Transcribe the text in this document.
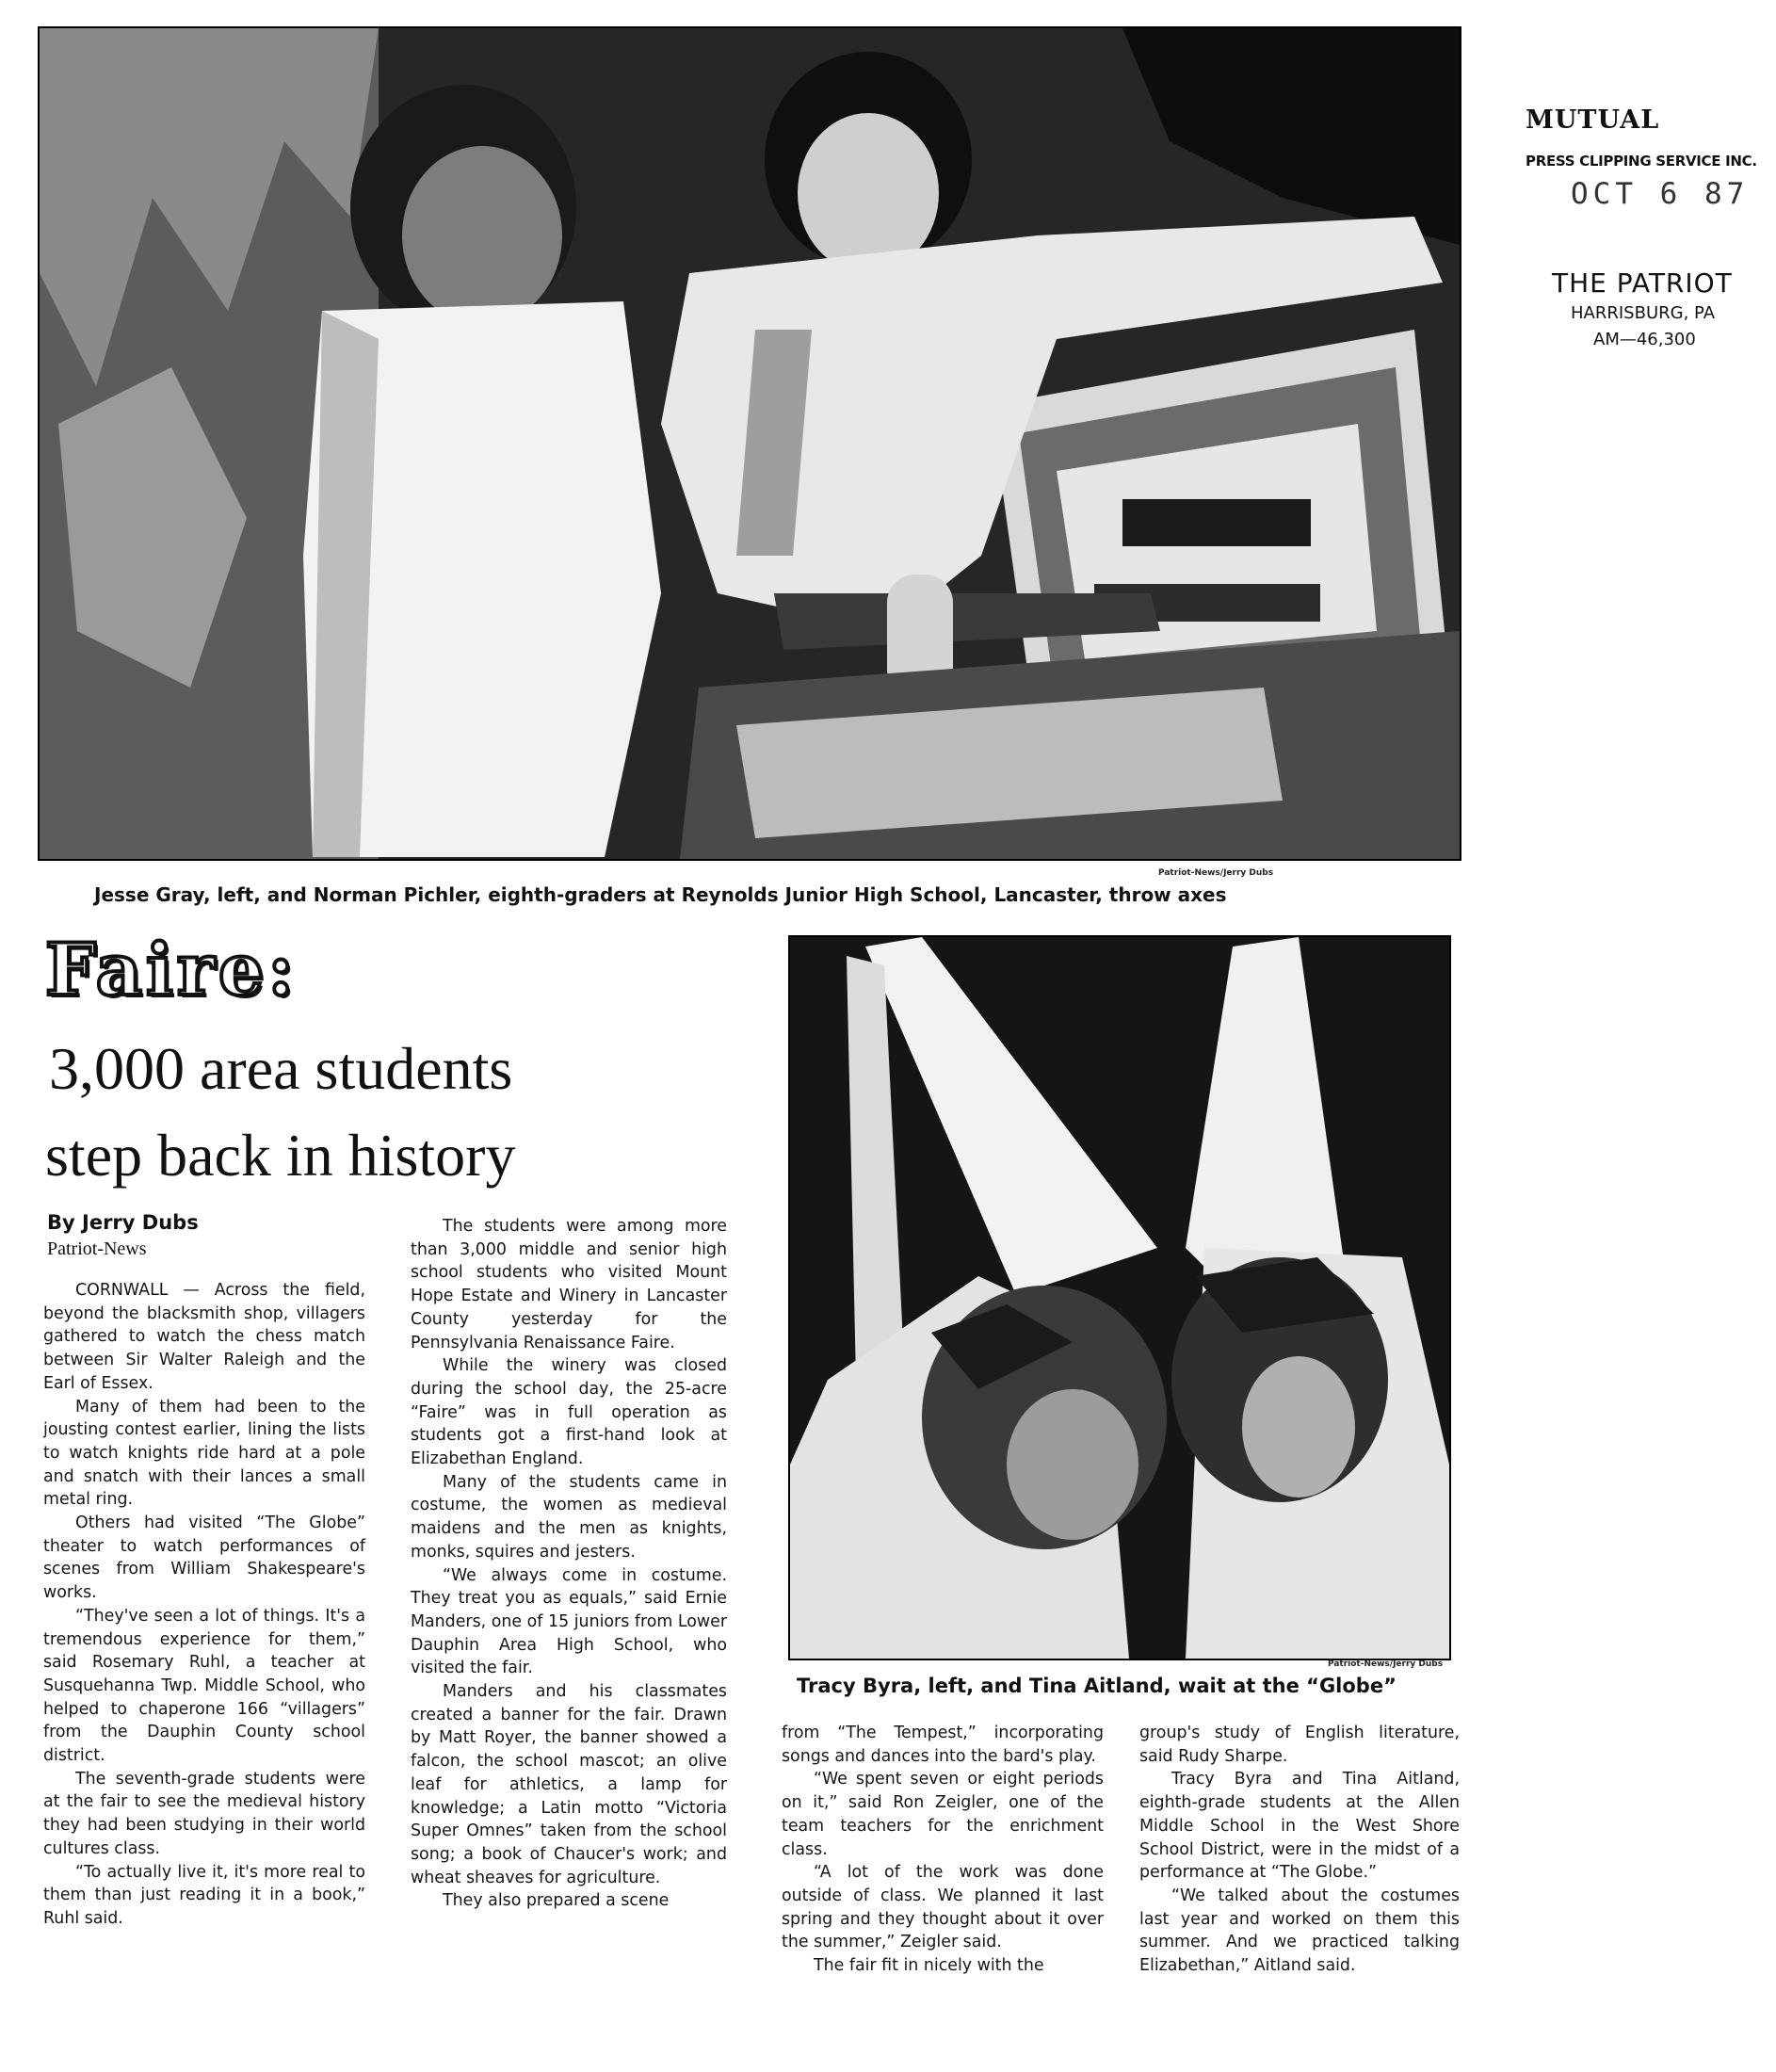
Patriot-News/Jerry Dubs
Jesse Gray, left, and Norman Pichler, eighth-graders at Reynolds Junior High School, Lancaster, throw axes
MUTUAL
PRESS CLIPPING SERVICE INC.
OCT 6 87
THE PATRIOT
HARRISBURG, PA
AM—46,300
Faire:
3,000 area students
step back in history
By Jerry Dubs
Patriot-News
Patriot-News/Jerry Dubs
Tracy Byra, left, and Tina Aitland, wait at the “Globe”

CORNWALL — Across the field, beyond the blacksmith shop, villagers gathered to watch the chess match between Sir Walter Raleigh and the Earl of Essex.

Many of them had been to the jousting contest earlier, lining the lists to watch knights ride hard at a pole and snatch with their lances a small metal ring.

Others had visited “The Globe” theater to watch performances of scenes from William Shakespeare's works.

“They've seen a lot of things. It's a tremendous experience for them,” said Rosemary Ruhl, a teacher at Susquehanna Twp. Middle School, who helped to chaperone 166 “villagers” from the Dauphin County school district.

The seventh-grade students were at the fair to see the medieval history they had been studying in their world cultures class.

“To actually live it, it's more real to them than just reading it in a book,” Ruhl said.

The students were among more than 3,000 middle and senior high school students who visited Mount Hope Estate and Winery in Lancaster County yesterday for the Pennsylvania Renaissance Faire.

While the winery was closed during the school day, the 25-acre “Faire” was in full operation as students got a first-hand look at Elizabethan England.

Many of the students came in costume, the women as medieval maidens and the men as knights, monks, squires and jesters.

“We always come in costume. They treat you as equals,” said Ernie Manders, one of 15 juniors from Lower Dauphin Area High School, who visited the fair.

Manders and his classmates created a banner for the fair. Drawn by Matt Royer, the banner showed a falcon, the school mascot; an olive leaf for athletics, a lamp for knowledge; a Latin motto “Victoria Super Omnes” taken from the school song; a book of Chaucer's work; and wheat sheaves for agriculture.

They also prepared a scene

from “The Tempest,” incorporating songs and dances into the bard's play.

“We spent seven or eight periods on it,” said Ron Zeigler, one of the team teachers for the enrichment class.

“A lot of the work was done outside of class. We planned it last spring and they thought about it over the summer,” Zeigler said.

The fair fit in nicely with the

group's study of English literature, said Rudy Sharpe.

Tracy Byra and Tina Aitland, eighth-grade students at the Allen Middle School in the West Shore School District, were in the midst of a performance at “The Globe.”

“We talked about the costumes last year and worked on them this summer. And we practiced talking Elizabethan,” Aitland said.
